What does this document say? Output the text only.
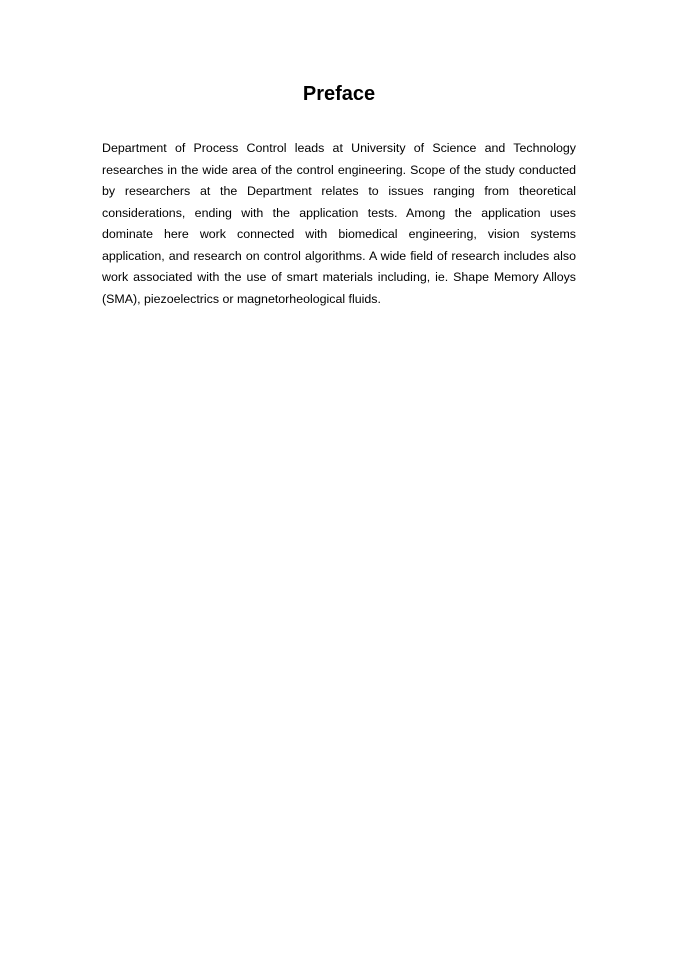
Preface
Department of Process Control leads at University of Science and Technology
researches in the wide area of the control engineering. Scope of the study conducted
by researchers at the Department relates to issues ranging from theoretical
considerations, ending with the application tests. Among the application uses
dominate here work connected with biomedical engineering, vision systems
application, and research on control algorithms. A wide field of research includes also
work associated with the use of smart materials including, ie. Shape Memory Alloys
(SMA), piezoelectrics or magnetorheological fluids.
